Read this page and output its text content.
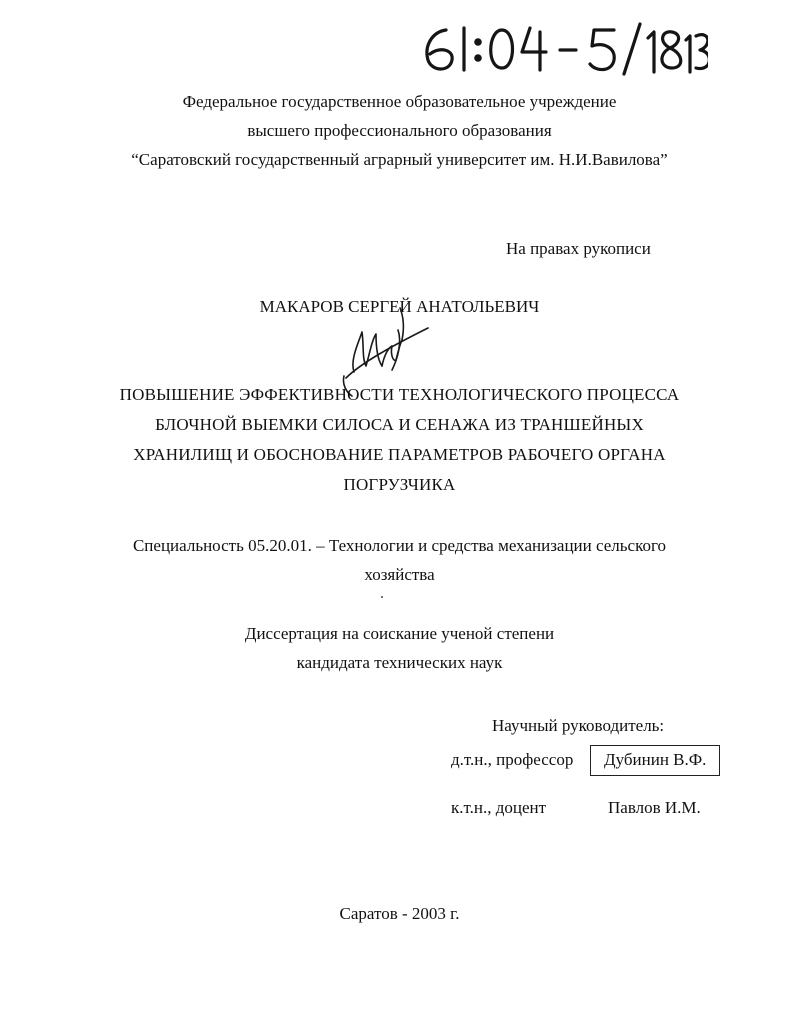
Федеральное государственное образовательное учреждение
высшего профессионального образования
“Саратовский государственный аграрный университет им. Н.И.Вавилова”
На правах рукописи
МАКАРОВ СЕРГЕЙ АНАТОЛЬЕВИЧ
ПОВЫШЕНИЕ ЭФФЕКТИВНОСТИ ТЕХНОЛОГИЧЕСКОГО ПРОЦЕССА
БЛОЧНОЙ ВЫЕМКИ СИЛОСА И СЕНАЖА ИЗ ТРАНШЕЙНЫХ
ХРАНИЛИЩ И ОБОСНОВАНИЕ ПАРАМЕТРОВ РАБОЧЕГО ОРГАНА
ПОГРУЗЧИКА
Специальность 05.20.01. – Технологии и средства механизации сельского
хозяйства
Диссертация на соискание ученой степени
кандидата технических наук
Научный руководитель:
д.т.н., профессор Дубинин В.Ф.
к.т.н., доцент	Павлов И.М.
Саратов - 2003 г.
